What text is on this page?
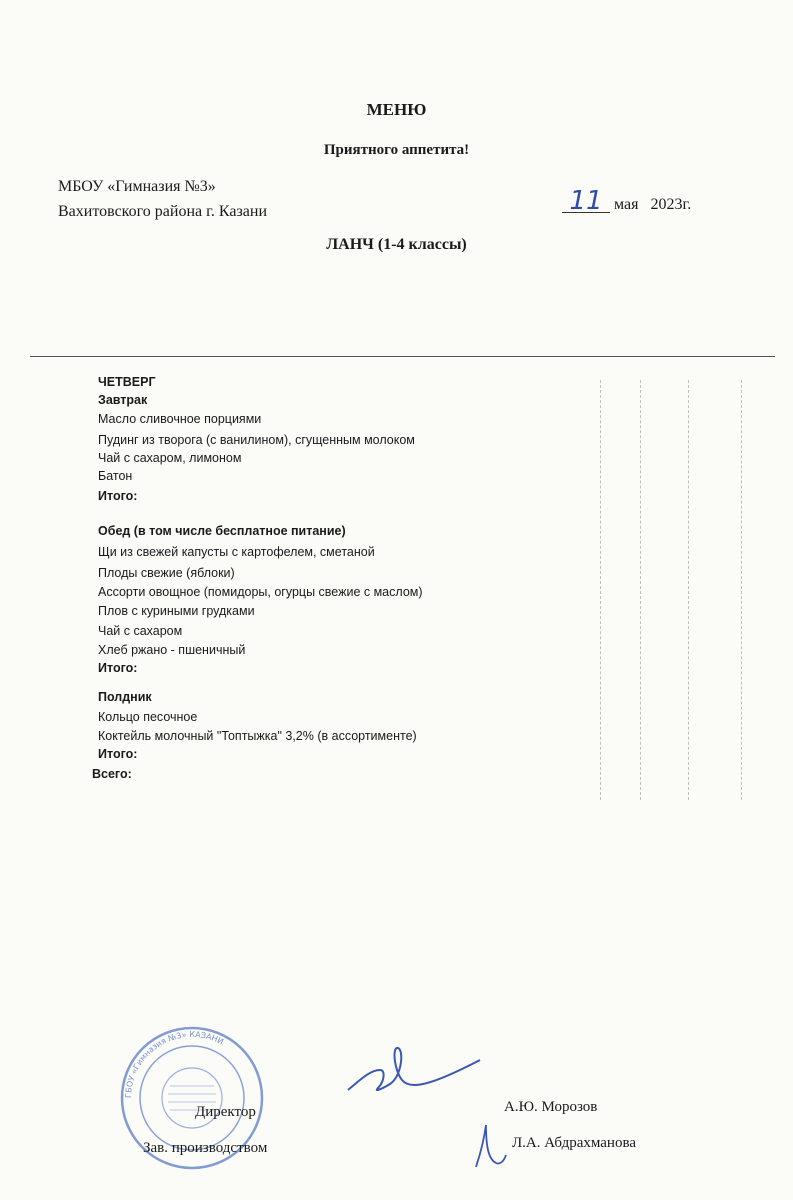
МЕНЮ
Приятного аппетита!
МБОУ «Гимназия №3»
Вахитовского района г. Казани	11 мая 2023г.
ЛАНЧ (1-4 классы)
ЧЕТВЕРГ
Завтрак
Масло сливочное порциями
Пудинг из творога (с ванилином), сгущенным молоком
Чай с сахаром, лимоном
Батон
Итого:
Обед (в том числе бесплатное питание)
Щи из свежей капусты с картофелем, сметаной
Плоды свежие (яблоки)
Ассорти овощное (помидоры, огурцы свежие с маслом)
Плов с куриными грудками
Чай с сахаром
Хлеб ржано - пшеничный
Итого:
Полдник
Кольцо песочное
Коктейль молочный "Топтыжка" 3,2% (в ассортименте)
Итого:
Всего:
ГБОУ «Гимназия №3» КАЗАНИ
Директор
Зав. производством
А.Ю. Морозов
Л.А. Абдрахманова
